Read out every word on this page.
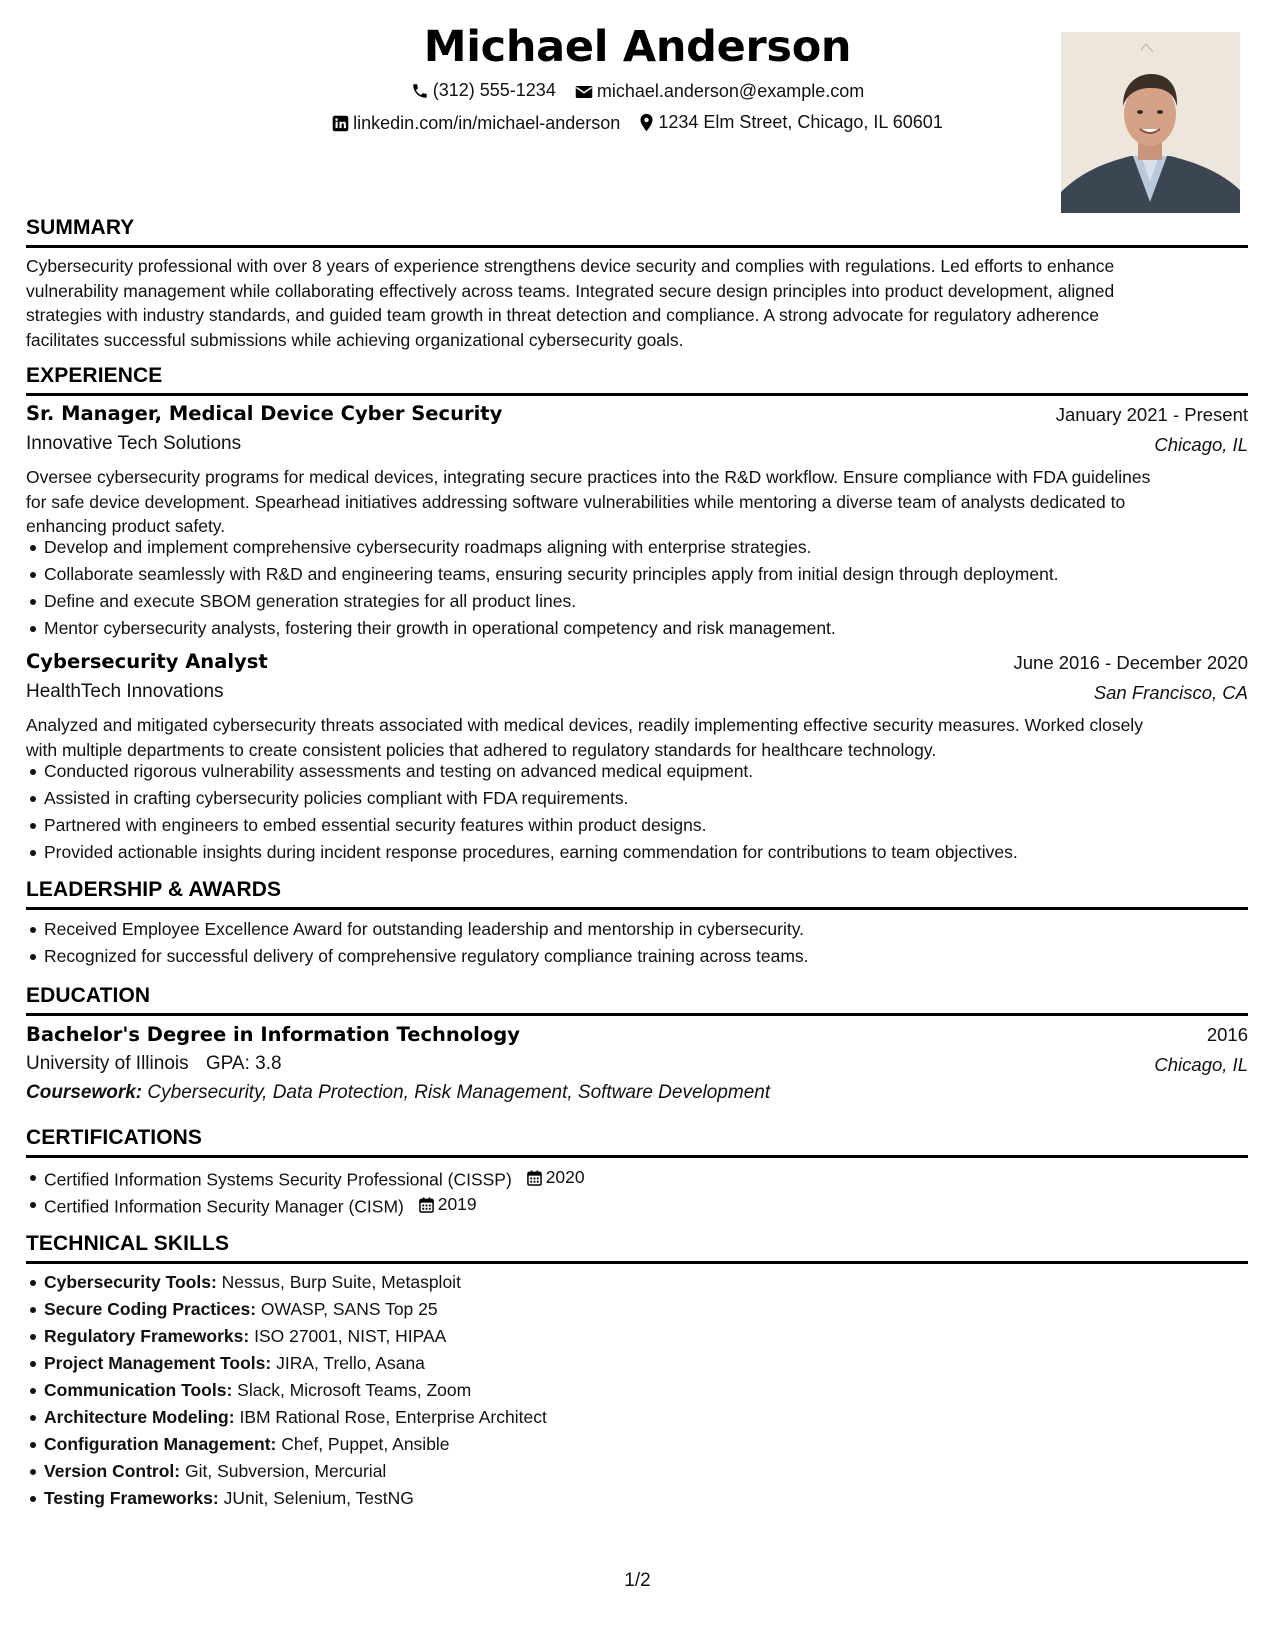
Michael Anderson
(312) 555-1234
michael.anderson@example.com
linkedin.com/in/michael-anderson
1234 Elm Street, Chicago, IL 60601
SUMMARY
Cybersecurity professional with over 8 years of experience strengthens device security and complies with regulations. Led efforts to enhance
vulnerability management while collaborating effectively across teams. Integrated secure design principles into product development, aligned
strategies with industry standards, and guided team growth in threat detection and compliance. A strong advocate for regulatory adherence
facilitates successful submissions while achieving organizational cybersecurity goals.
EXPERIENCE
Sr. Manager, Medical Device Cyber Security	January 2021 - Present
Innovative Tech Solutions	Chicago, IL
Oversee cybersecurity programs for medical devices, integrating secure practices into the R&D workflow. Ensure compliance with FDA guidelines
for safe device development. Spearhead initiatives addressing software vulnerabilities while mentoring a diverse team of analysts dedicated to
enhancing product safety.
Develop and implement comprehensive cybersecurity roadmaps aligning with enterprise strategies.
Collaborate seamlessly with R&D and engineering teams, ensuring security principles apply from initial design through deployment.
Define and execute SBOM generation strategies for all product lines.
Mentor cybersecurity analysts, fostering their growth in operational competency and risk management.
Cybersecurity Analyst	June 2016 - December 2020
HealthTech Innovations	San Francisco, CA
Analyzed and mitigated cybersecurity threats associated with medical devices, readily implementing effective security measures. Worked closely
with multiple departments to create consistent policies that adhered to regulatory standards for healthcare technology.
Conducted rigorous vulnerability assessments and testing on advanced medical equipment.
Assisted in crafting cybersecurity policies compliant with FDA requirements.
Partnered with engineers to embed essential security features within product designs.
Provided actionable insights during incident response procedures, earning commendation for contributions to team objectives.
LEADERSHIP & AWARDS
Received Employee Excellence Award for outstanding leadership and mentorship in cybersecurity.
Recognized for successful delivery of comprehensive regulatory compliance training across teams.
EDUCATION
Bachelor's Degree in Information Technology	2016
University of Illinois GPA: 3.8	Chicago, IL
Coursework: Cybersecurity, Data Protection, Risk Management, Software Development
CERTIFICATIONS
Certified Information Systems Security Professional (CISSP) 2020
Certified Information Security Manager (CISM) 2019
TECHNICAL SKILLS
Cybersecurity Tools: Nessus, Burp Suite, Metasploit
Secure Coding Practices: OWASP, SANS Top 25
Regulatory Frameworks: ISO 27001, NIST, HIPAA
Project Management Tools: JIRA, Trello, Asana
Communication Tools: Slack, Microsoft Teams, Zoom
Architecture Modeling: IBM Rational Rose, Enterprise Architect
Configuration Management: Chef, Puppet, Ansible
Version Control: Git, Subversion, Mercurial
Testing Frameworks: JUnit, Selenium, TestNG
1/2
